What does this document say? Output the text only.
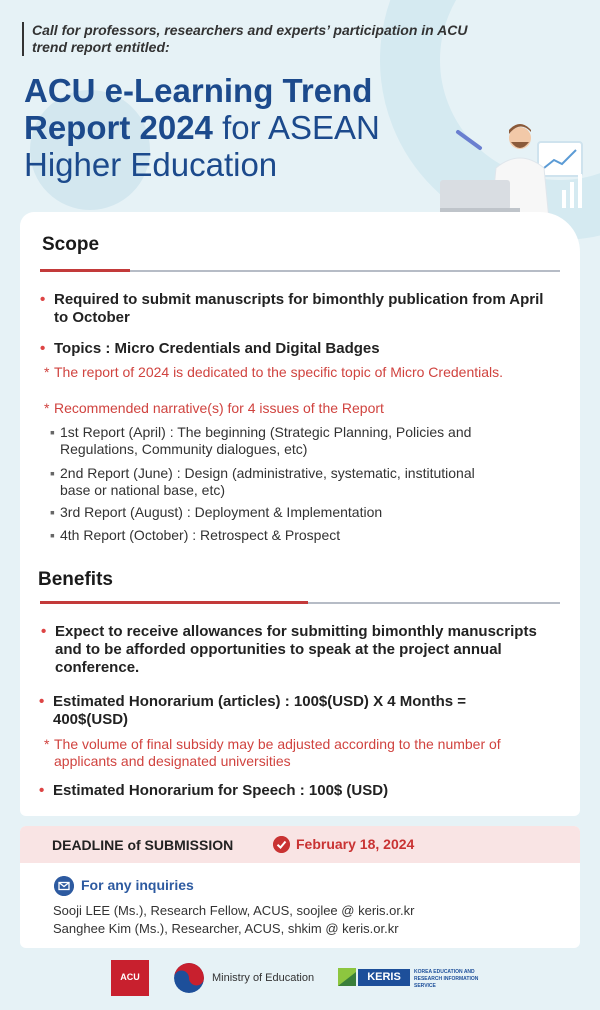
Call for professors, researchers and experts’ participation in ACU trend report entitled:
ACU e-Learning Trend Report 2024 for ASEAN Higher Education
Scope
• Required to submit manuscripts for bimonthly publication from April to October
• Topics : Micro Credentials and Digital Badges
* The report of 2024 is dedicated to the specific topic of Micro Credentials.
* Recommended narrative(s) for 4 issues of the Report
▪ 1st Report (April) : The beginning (Strategic Planning, Policies and Regulations, Community dialogues, etc)
▪ 2nd Report (June) : Design (administrative, systematic, institutional base or national base, etc)
▪ 3rd Report (August) : Deployment & Implementation
▪ 4th Report (October) : Retrospect & Prospect
Benefits
• Expect to receive allowances for submitting bimonthly manuscripts and to be afforded opportunities to speak at the project annual conference.
• Estimated Honorarium (articles) : 100$(USD) X 4 Months = 400$(USD)
* The volume of final subsidy may be adjusted according to the number of applicants and designated universities
• Estimated Honorarium for Speech : 100$ (USD)
DEADLINE of SUBMISSION	February 18, 2024
For any inquiries
Sooji LEE (Ms.), Research Fellow, ACUS, soojlee @ keris.or.kr
Sanghee Kim (Ms.), Researcher, ACUS, shkim @ keris.or.kr
ACU	Ministry of Education	KERIS	KOREA EDUCATION AND RESEARCH INFORMATION SERVICE
